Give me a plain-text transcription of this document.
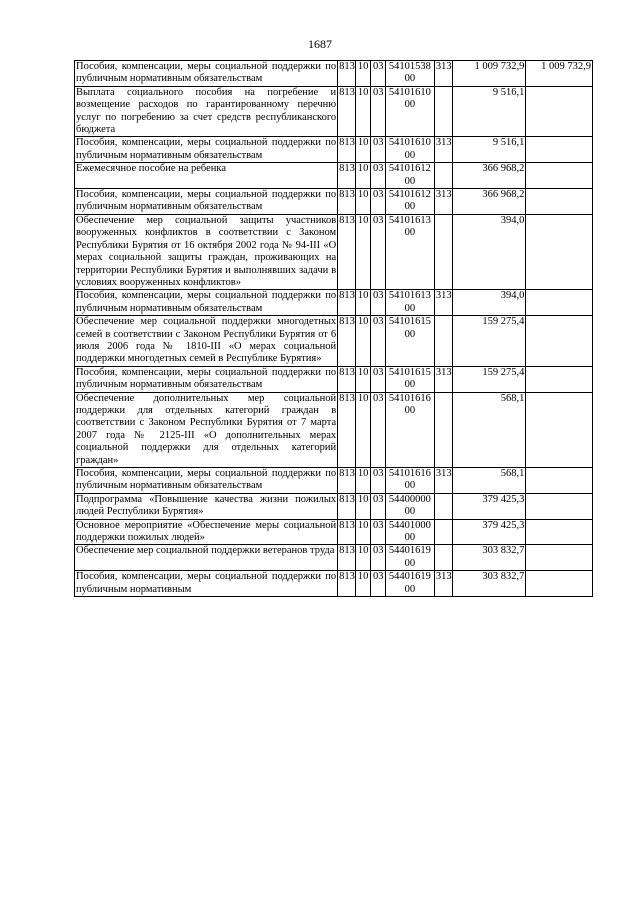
1687
Пособия, компенсации, меры социальной поддержки по публичным нормативным обязательствам	813	10	03	5410153800	313	1 009 732,9	1 009 732,9
Выплата социального пособия на погребение и возмещение расходов по гарантированному перечню услуг по погребению за счет средств республиканского бюджета	813	10	03	5410161000		9 516,1	
Пособия, компенсации, меры социальной поддержки по публичным нормативным обязательствам	813	10	03	5410161000	313	9 516,1	
Ежемесячное пособие на ребенка	813	10	03	5410161200		366 968,2	
Пособия, компенсации, меры социальной поддержки по публичным нормативным обязательствам	813	10	03	5410161200	313	366 968,2	
Обеспечение мер социальной защиты участников вооруженных конфликтов в соответствии с Законом Республики Бурятия от 16 октября 2002 года № 94-III «О мерах социальной защиты граждан, проживающих на территории Республики Бурятия и выполнявших задачи в условиях вооруженных конфликтов»	813	10	03	5410161300		394,0	
Пособия, компенсации, меры социальной поддержки по публичным нормативным обязательствам	813	10	03	5410161300	313	394,0	
Обеспечение мер социальной поддержки многодетных семей в соответствии с Законом Республики Бурятия от 6 июля 2006 года № 1810-III «О мерах социальной поддержки многодетных семей в Республике Бурятия»	813	10	03	5410161500		159 275,4	
Пособия, компенсации, меры социальной поддержки по публичным нормативным обязательствам	813	10	03	5410161500	313	159 275,4	
Обеспечение дополнительных мер социальной поддержки для отдельных категорий граждан в соответствии с Законом Республики Бурятия от 7 марта 2007 года № 2125-III «О дополнительных мерах социальной поддержки для отдельных категорий граждан»	813	10	03	5410161600		568,1	
Пособия, компенсации, меры социальной поддержки по публичным нормативным обязательствам	813	10	03	5410161600	313	568,1	
Подпрограмма «Повышение качества жизни пожилых людей Республики Бурятия»	813	10	03	5440000000		379 425,3	
Основное мероприятие «Обеспечение меры социальной поддержки пожилых людей»	813	10	03	5440100000		379 425,3	
Обеспечение мер социальной поддержки ветеранов труда	813	10	03	5440161900		303 832,7	
Пособия, компенсации, меры социальной поддержки по публичным нормативным	813	10	03	5440161900	313	303 832,7	
